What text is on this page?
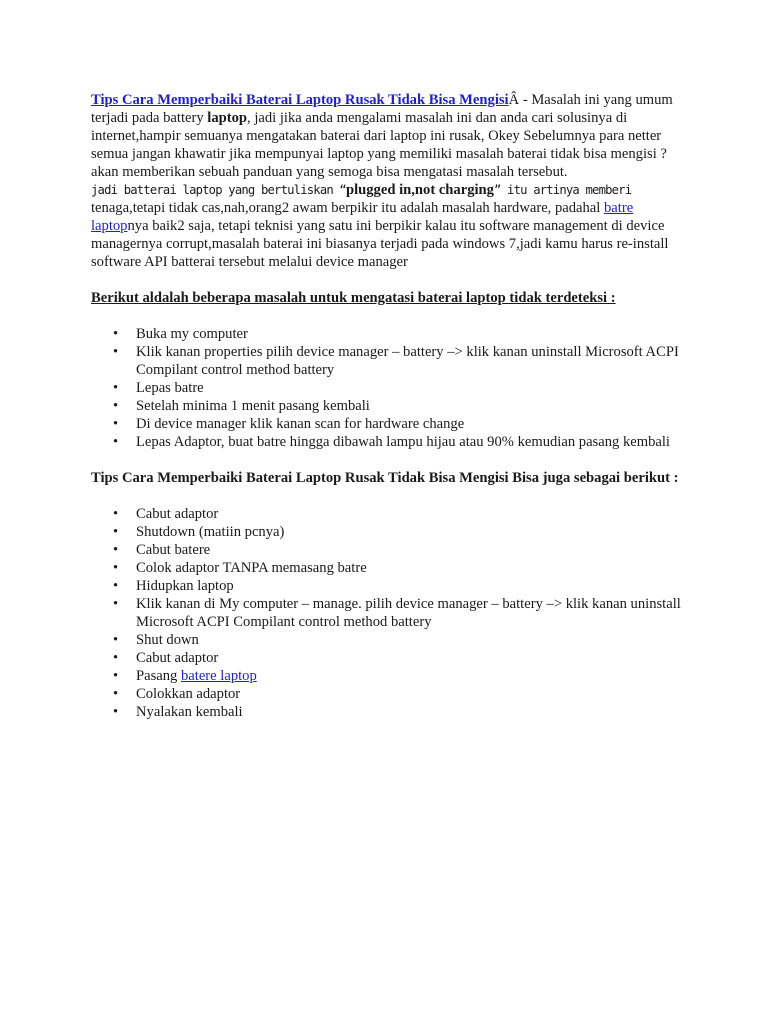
Tips Cara Memperbaiki Baterai Laptop Rusak Tidak Bisa MengisiÂ - Masalah ini yang umum terjadi pada battery laptop, jadi jika anda mengalami masalah ini dan anda cari solusinya di internet,hampir semuanya mengatakan baterai dari laptop ini rusak, Okey Sebelumnya para netter semua jangan khawatir jika mempunyai laptop yang memiliki masalah baterai tidak bisa mengisi ? akan memberikan sebuah panduan yang semoga bisa mengatasi masalah tersebut.
jadi batterai laptop yang bertuliskan “plugged in,not charging” itu artinya memberi
tenaga,tetapi tidak cas,nah,orang2 awam berpikir itu adalah masalah hardware, padahal batre laptopnya baik2 saja, tetapi teknisi yang satu ini berpikir kalau itu software management di device managernya corrupt,masalah baterai ini biasanya terjadi pada windows 7,jadi kamu harus re-install software API batterai tersebut melalui device manager

Berikut aldalah beberapa masalah untuk mengatasi baterai laptop tidak terdeteksi :

• Buka my computer
• Klik kanan properties pilih device manager – battery –> klik kanan uninstall Microsoft ACPI Compilant control method battery
• Lepas batre
• Setelah minima 1 menit pasang kembali
• Di device manager klik kanan scan for hardware change
• Lepas Adaptor, buat batre hingga dibawah lampu hijau atau 90% kemudian pasang kembali

Tips Cara Memperbaiki Baterai Laptop Rusak Tidak Bisa Mengisi Bisa juga sebagai berikut :

• Cabut adaptor
• Shutdown (matiin pcnya)
• Cabut batere
• Colok adaptor TANPA memasang batre
• Hidupkan laptop
• Klik kanan di My computer – manage. pilih device manager – battery –> klik kanan uninstall Microsoft ACPI Compilant control method battery
• Shut down
• Cabut adaptor
• Pasang batere laptop
• Colokkan adaptor
• Nyalakan kembali
